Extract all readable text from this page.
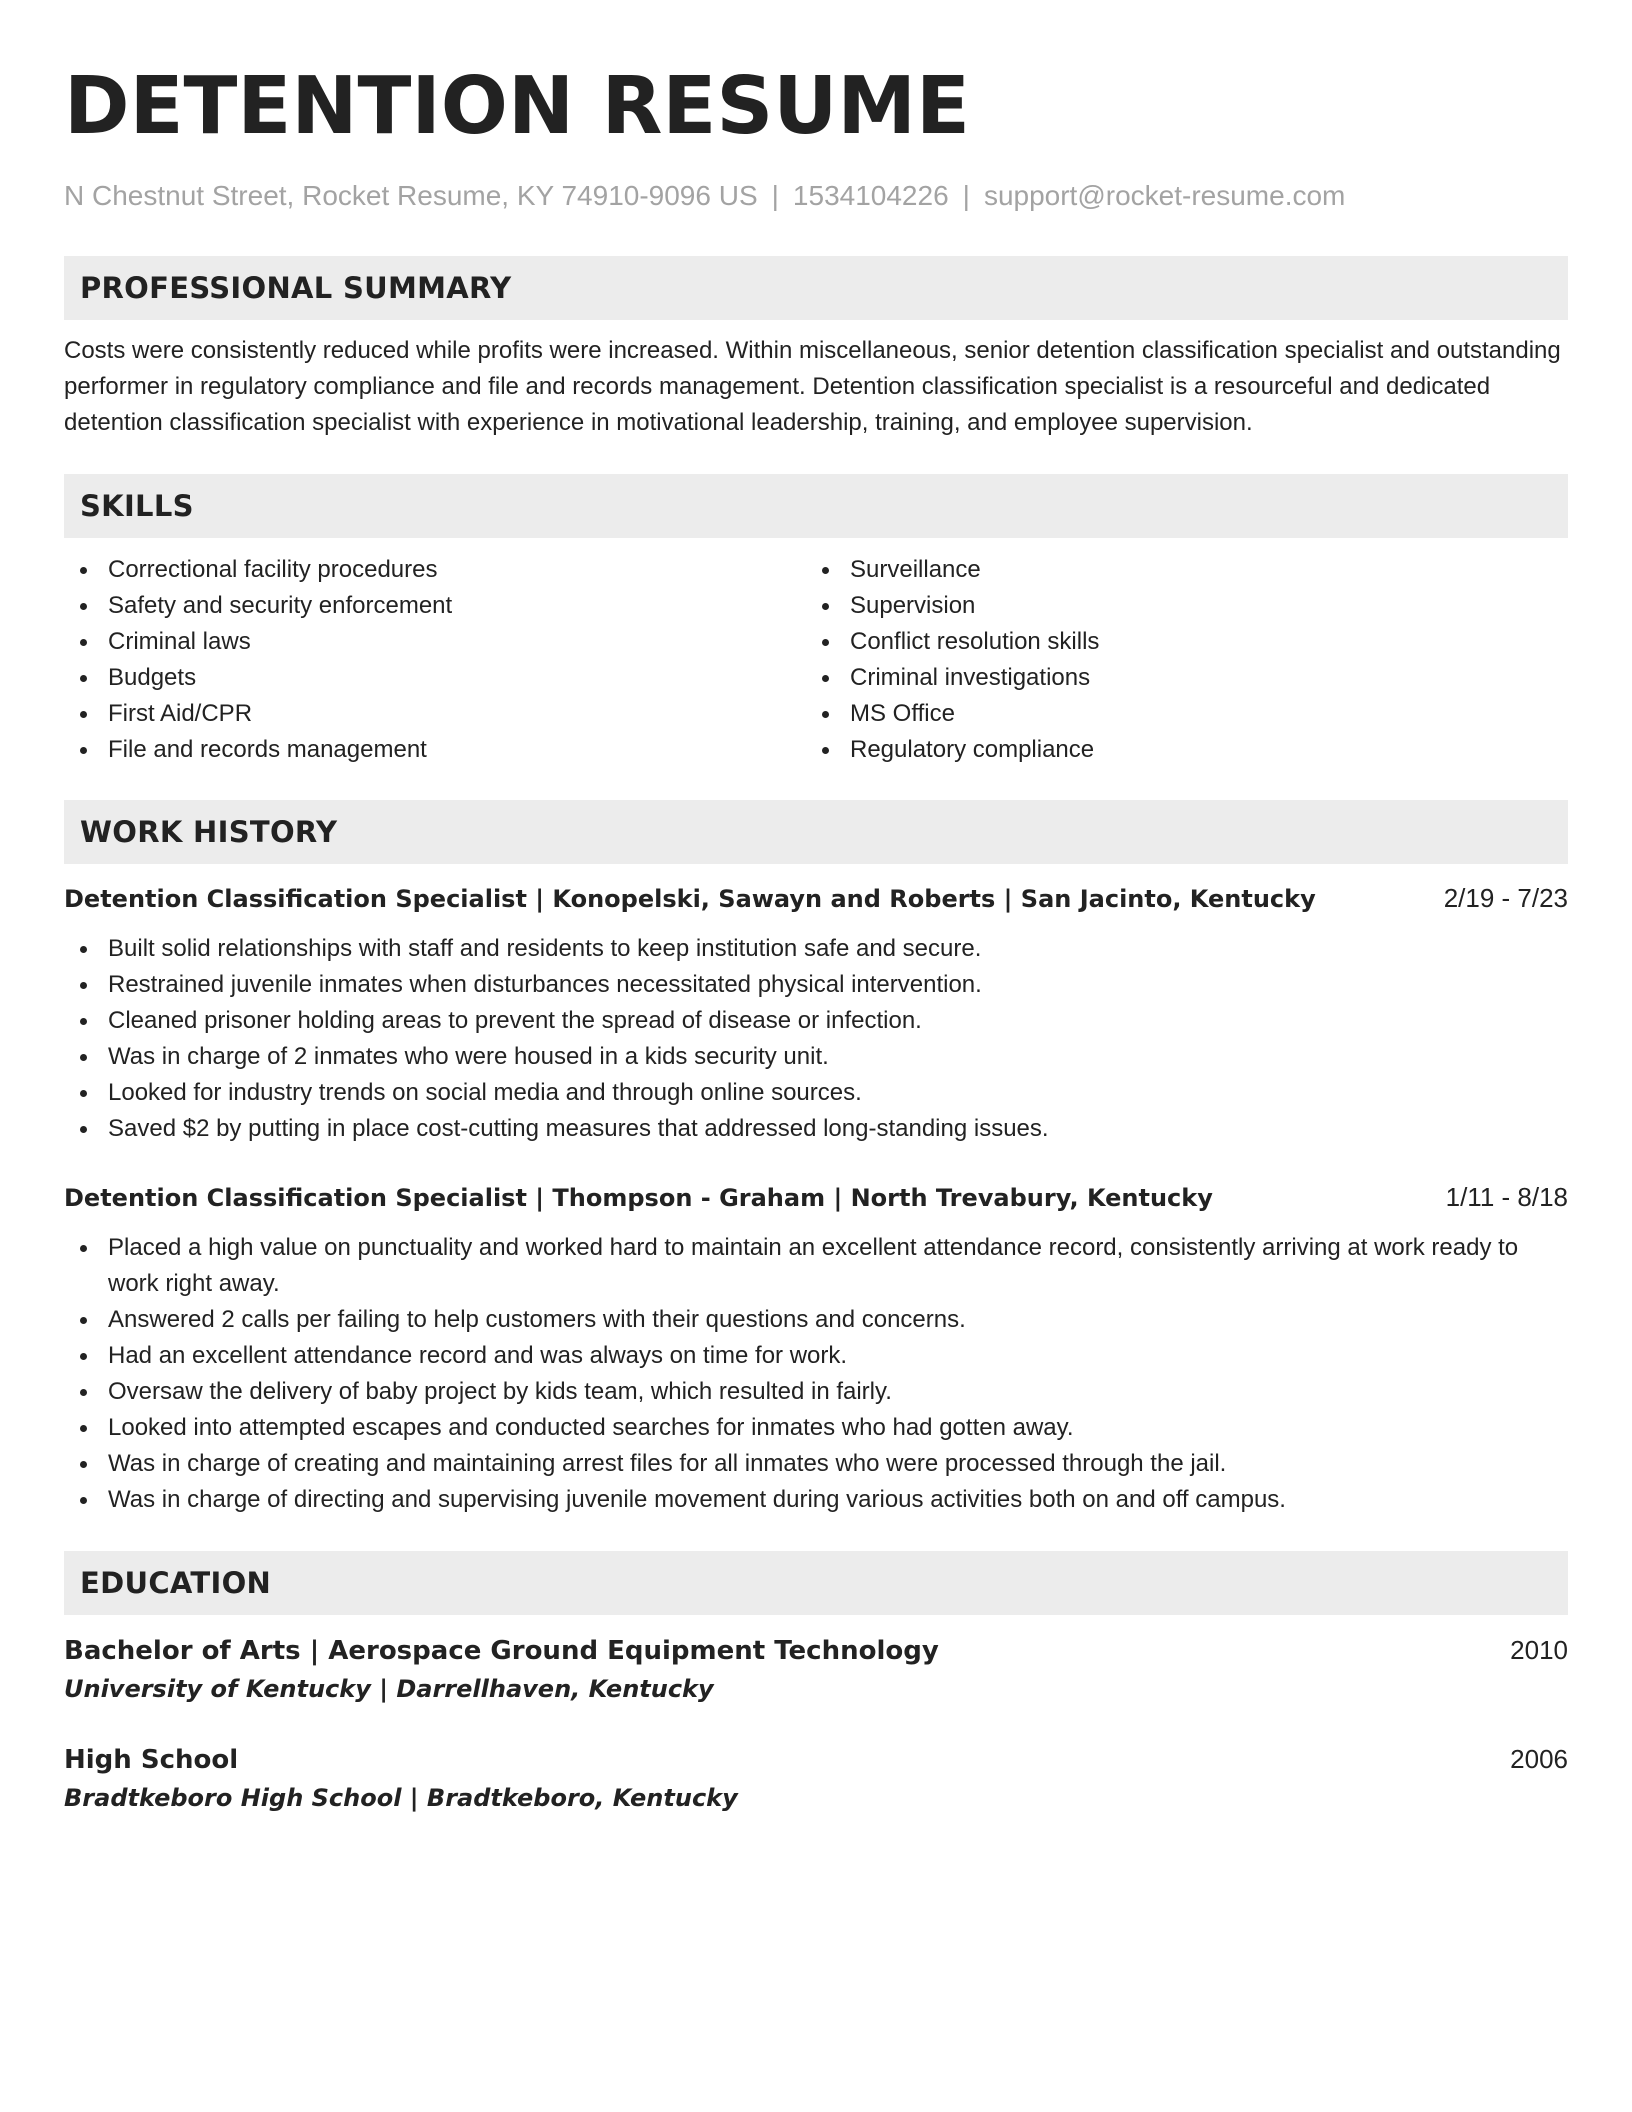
DETENTION RESUME
N Chestnut Street, Rocket Resume, KY 74910-9096 US | 1534104226 | support@rocket-resume.com
PROFESSIONAL SUMMARY
Costs were consistently reduced while profits were increased. Within miscellaneous, senior detention classification specialist and outstanding performer in regulatory compliance and file and records management. Detention classification specialist is a resourceful and dedicated detention classification specialist with experience in motivational leadership, training, and employee supervision.
SKILLS
Correctional facility procedures
Safety and security enforcement
Criminal laws
Budgets
First Aid/CPR
File and records management
Surveillance
Supervision
Conflict resolution skills
Criminal investigations
MS Office
Regulatory compliance
WORK HISTORY
Detention Classification Specialist | Konopelski, Sawayn and Roberts | San Jacinto, Kentucky	2/19 - 7/23
Built solid relationships with staff and residents to keep institution safe and secure.
Restrained juvenile inmates when disturbances necessitated physical intervention.
Cleaned prisoner holding areas to prevent the spread of disease or infection.
Was in charge of 2 inmates who were housed in a kids security unit.
Looked for industry trends on social media and through online sources.
Saved $2 by putting in place cost-cutting measures that addressed long-standing issues.
Detention Classification Specialist | Thompson - Graham | North Trevabury, Kentucky	1/11 - 8/18
Placed a high value on punctuality and worked hard to maintain an excellent attendance record, consistently arriving at work ready to work right away.
Answered 2 calls per failing to help customers with their questions and concerns.
Had an excellent attendance record and was always on time for work.
Oversaw the delivery of baby project by kids team, which resulted in fairly.
Looked into attempted escapes and conducted searches for inmates who had gotten away.
Was in charge of creating and maintaining arrest files for all inmates who were processed through the jail.
Was in charge of directing and supervising juvenile movement during various activities both on and off campus.
EDUCATION
Bachelor of Arts | Aerospace Ground Equipment Technology	2010
University of Kentucky | Darrellhaven, Kentucky
High School	2006
Bradtkeboro High School | Bradtkeboro, Kentucky
